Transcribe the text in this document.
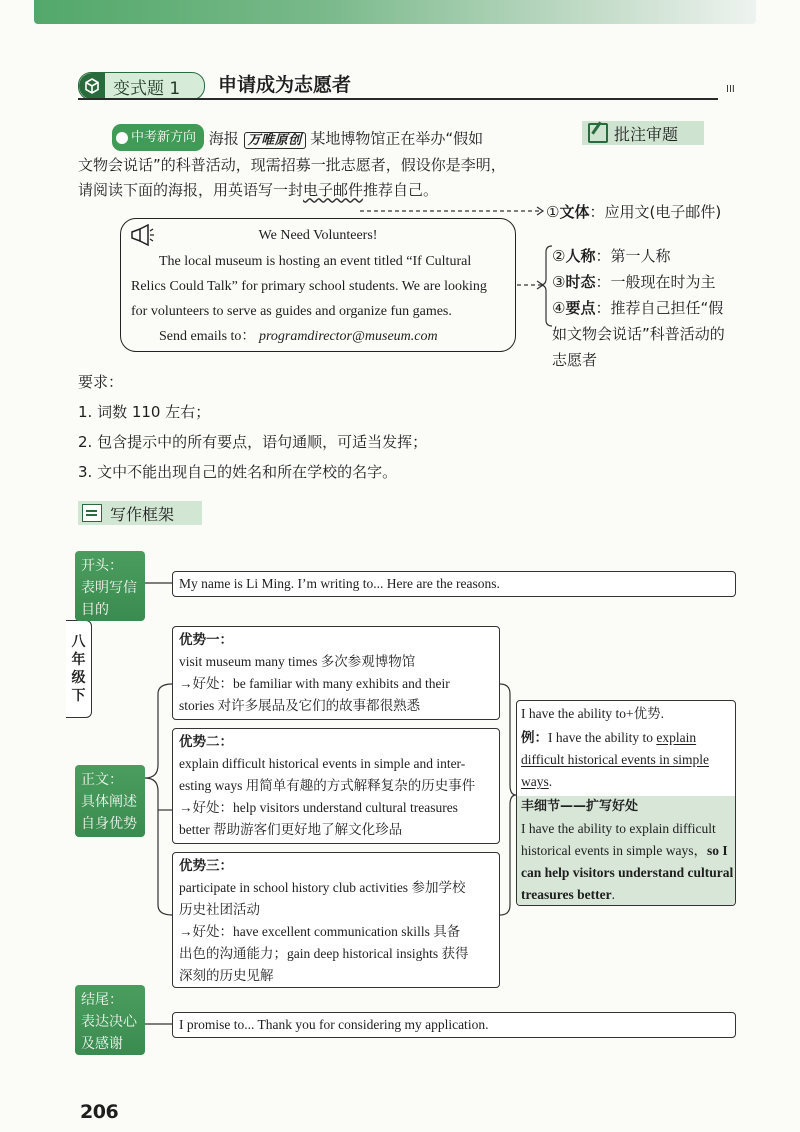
变式题 1 申请成为志愿者	III

中考新方向 海报 万唯原创 某地博物馆正在举办“假如

文物会说话”的科普活动，现需招募一批志愿者，假设你是李明，

请阅读下面的海报，用英语写一封电子邮件推荐自己。

批注审题
We Need Volunteers!
The local museum is hosting an event titled “If Cultural
Relics Could Talk” for primary school students. We are looking
for volunteers to serve as guides and organize fun games.
Send emails to： programdirector@museum.com
①文体：应用文(电子邮件)
②人称：第一人称
③时态：一般现在时为主
④要点：推荐自己担任“假
如文物会说话”科普活动的
志愿者
要求：
1. 词数 110 左右；
2. 包含提示中的所有要点，语句通顺，可适当发挥；
3. 文中不能出现自己的姓名和所在学校的名字。
写作框架
八
年
级
下
开头：
表明写信
目的
My name is Li Ming. I’m writing to... Here are the reasons.
正文：
具体阐述
自身优势
优势一：
visit museum many times 多次参观博物馆
→好处：be familiar with many exhibits and their
stories 对许多展品及它们的故事都很熟悉
优势二：
explain difficult historical events in simple and inter-
esting ways 用简单有趣的方式解释复杂的历史事件
→好处：help visitors understand cultural treasures
better 帮助游客们更好地了解文化珍品
优势三：
participate in school history club activities 参加学校
历史社团活动
→好处：have excellent communication skills 具备
出色的沟通能力；gain deep historical insights 获得
深刻的历史见解
I have the ability to+优势.
例：I have the ability to explain
difficult historical events in simple
ways.
丰细节——扩写好处
I have the ability to explain difficult
historical events in simple ways，so I
can help visitors understand cultural
treasures better.
结尾：
表达决心
及感谢
I promise to... Thank you for considering my application.
206
